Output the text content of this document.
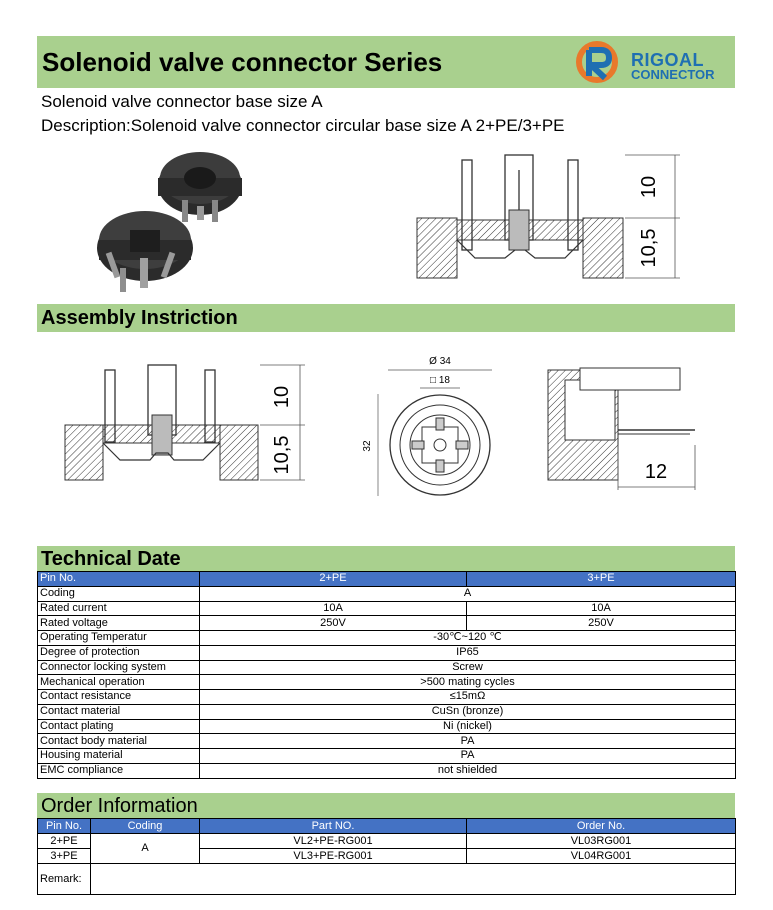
Solenoid valve connector Series	RIGOAL
CONNECTOR
Solenoid valve connector base size A
Description:Solenoid valve connector circular base size A 2+PE/3+PE
10
10,5
Assembly Instriction
10
10,5
Ø 34
□ 18
32
12
Technical Date
Pin No.	2+PE	3+PE
Coding	A	
Rated current	10A	10A
Rated voltage	250V	250V
Operating Temperatur	-30℃~120 ℃	
Degree of protection	IP65	
Connector locking system	Screw	
Mechanical operation	>500 mating cycles	
Contact resistance	≤15mΩ	
Contact material	CuSn (bronze)	
Contact plating	Ni (nickel)	
Contact body material	PA	
Housing material	PA	
EMC compliance	not shielded	
Order Information
Pin No.	Coding	Part NO.	Order No.
2+PE	A	VL2+PE-RG001	VL03RG001
3+PE		VL3+PE-RG001	VL04RG001
Remark:			
